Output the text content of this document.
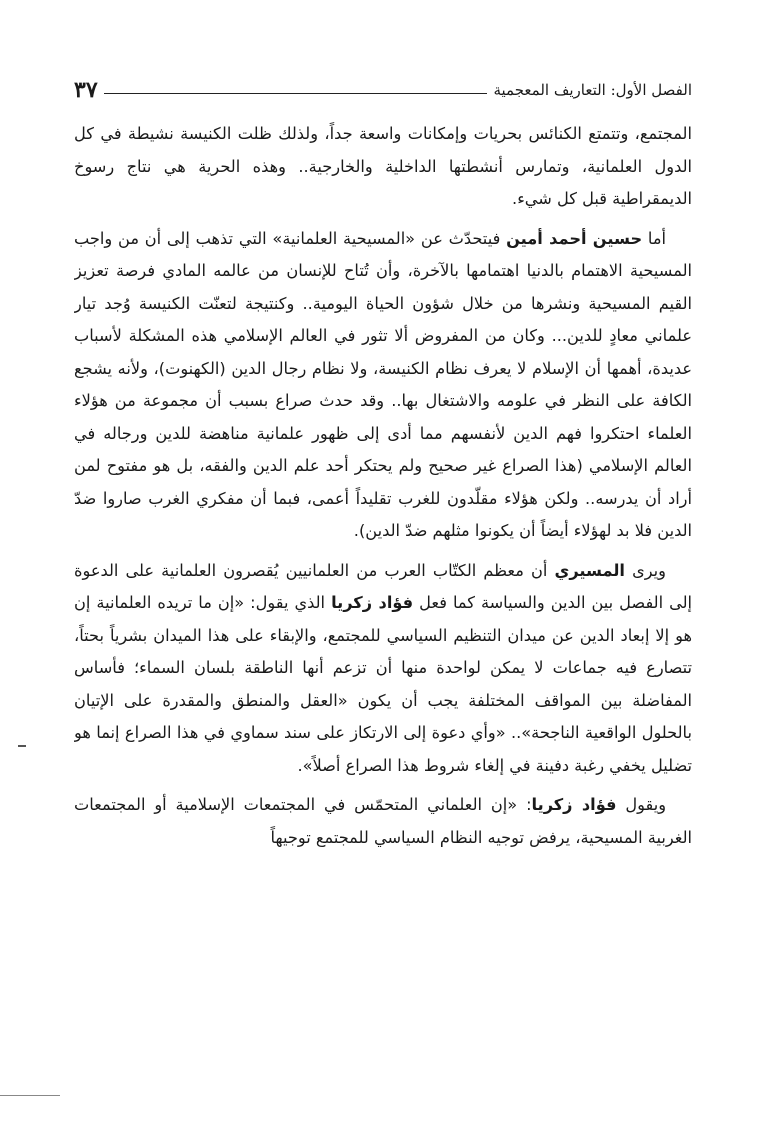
الفصل الأول: التعاريف المعجمية
٣٧

المجتمع، وتتمتع الكنائس بحريات وإمكانات واسعة جداً، ولذلك ظلت الكنيسة نشيطة في كل الدول العلمانية، وتمارس أنشطتها الداخلية والخارجية.. وهذه الحرية هي نتاج رسوخ الديمقراطية قبل كل شيء.

أما حسين أحمد أمين فيتحدّث عن «المسيحية العلمانية» التي تذهب إلى أن من واجب المسيحية الاهتمام بالدنيا اهتمامها بالآخرة، وأن تُتاح للإنسان من عالمه المادي فرصة تعزيز القيم المسيحية ونشرها من خلال شؤون الحياة اليومية.. وكنتيجة لتعنّت الكنيسة وُجد تيار علماني معادٍ للدين... وكان من المفروض ألا تثور في العالم الإسلامي هذه المشكلة لأسباب عديدة، أهمها أن الإسلام لا يعرف نظام الكنيسة، ولا نظام رجال الدين (الكهنوت)، ولأنه يشجع الكافة على النظر في علومه والاشتغال بها.. وقد حدث صراع بسبب أن مجموعة من هؤلاء العلماء احتكروا فهم الدين لأنفسهم مما أدى إلى ظهور علمانية مناهضة للدين ورجاله في العالم الإسلامي (هذا الصراع غير صحيح ولم يحتكر أحد علم الدين والفقه، بل هو مفتوح لمن أراد أن يدرسه.. ولكن هؤلاء مقلّدون للغرب تقليداً أعمى، فبما أن مفكري الغرب صاروا ضدّ الدين فلا بد لهؤلاء أيضاً أن يكونوا مثلهم ضدّ الدين).

ويرى المسيري أن معظم الكتّاب العرب من العلمانيين يُقصرون العلمانية على الدعوة إلى الفصل بين الدين والسياسة كما فعل فؤاد زكريا الذي يقول: «إن ما تريده العلمانية إن هو إلا إبعاد الدين عن ميدان التنظيم السياسي للمجتمع، والإبقاء على هذا الميدان بشرياً بحتاً، تتصارع فيه جماعات لا يمكن لواحدة منها أن تزعم أنها الناطقة بلسان السماء؛ فأساس المفاضلة بين المواقف المختلفة يجب أن يكون «العقل والمنطق والمقدرة على الإتيان بالحلول الواقعية الناجحة».. «وأي دعوة إلى الارتكاز على سند سماوي في هذا الصراع إنما هو تضليل يخفي رغبة دفينة في إلغاء شروط هذا الصراع أصلاً».

ويقول فؤاد زكريا: «إن العلماني المتحمّس في المجتمعات الإسلامية أو المجتمعات الغربية المسيحية، يرفض توجيه النظام السياسي للمجتمع توجيهاً
